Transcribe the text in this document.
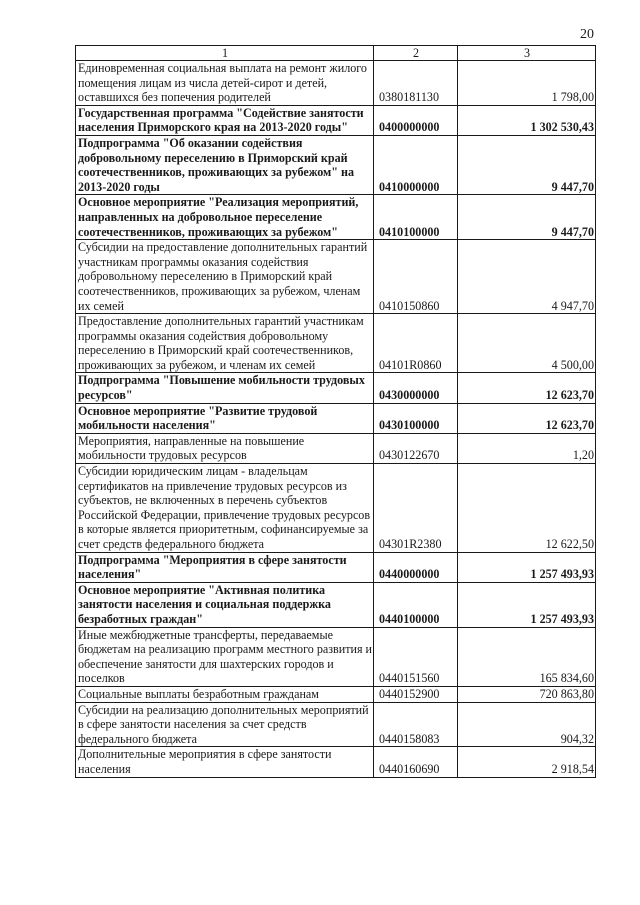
20
1	2	3
Единовременная социальная выплата на ремонт жилого помещения лицам из числа детей-сирот и детей, оставшихся без попечения родителей	0380181130	1 798,00
Государственная программа "Содействие занятости населения Приморского края на 2013-2020 годы"	0400000000	1 302 530,43
Подпрограмма "Об оказании содействия добровольному переселению в Приморский край соотечественников, проживающих за рубежом" на 2013-2020 годы	0410000000	9 447,70
Основное мероприятие "Реализация мероприятий, направленных на добровольное переселение соотечественников, проживающих за рубежом"	0410100000	9 447,70
Субсидии на предоставление дополнительных гарантий участникам программы оказания содействия добровольному переселению в Приморский край соотечественников, проживающих за рубежом, членам их семей	0410150860	4 947,70
Предоставление дополнительных гарантий участникам программы оказания содействия добровольному переселению в Приморский край соотечественников, проживающих за рубежом, и членам их семей	04101R0860	4 500,00
Подпрограмма "Повышение мобильности трудовых ресурсов"	0430000000	12 623,70
Основное мероприятие "Развитие трудовой мобильности населения"	0430100000	12 623,70
Мероприятия, направленные на повышение мобильности трудовых ресурсов	0430122670	1,20
Субсидии юридическим лицам - владельцам сертификатов на привлечение трудовых ресурсов из субъектов, не включенных в перечень субъектов Российской Федерации, привлечение трудовых ресурсов в которые является приоритетным, софинансируемые за счет средств федерального бюджета	04301R2380	12 622,50
Подпрограмма "Мероприятия в сфере занятости населения"	0440000000	1 257 493,93
Основное мероприятие "Активная политика занятости населения и социальная поддержка безработных граждан"	0440100000	1 257 493,93
Иные межбюджетные трансферты, передаваемые бюджетам на реализацию программ местного развития и обеспечение занятости для шахтерских городов и поселков	0440151560	165 834,60
Социальные выплаты безработным гражданам	0440152900	720 863,80
Субсидии на реализацию дополнительных мероприятий в сфере занятости населения за счет средств федерального бюджета	0440158083	904,32
Дополнительные мероприятия в сфере занятости населения	0440160690	2 918,54
